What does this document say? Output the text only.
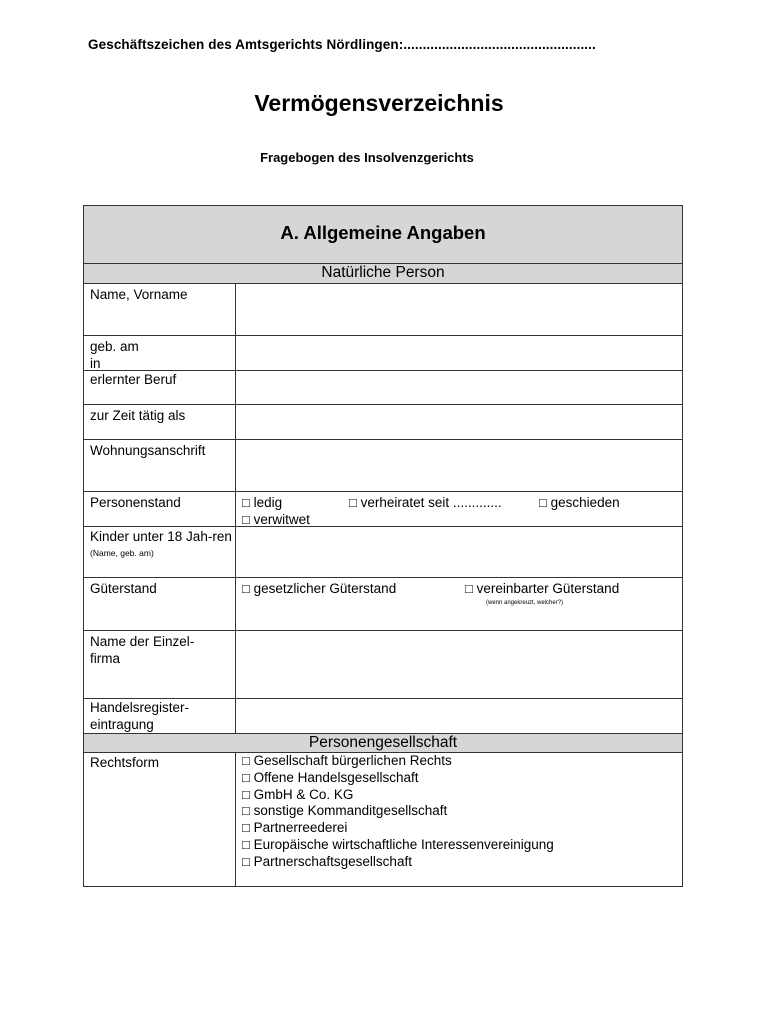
Geschäftszeichen des Amtsgerichts Nördlingen:..................................................
Vermögensverzeichnis
Fragebogen des Insolvenzgerichts
A. Allgemeine Angaben
Natürliche Person
Name, Vorname
geb. am
in
erlernter Beruf
zur Zeit tätig als
Wohnungsanschrift
Personenstand	□ ledig	□ verheiratet seit .............	□ geschieden
□ verwitwet
Kinder unter 18 Jah-ren
(Name, geb. am)
Güterstand	□ gesetzlicher Güterstand	□ vereinbarter Güterstand
(wenn angekreuzt, welcher?)
Name der Einzel-firma
Handelsregister-eintragung
Personengesellschaft
Rechtsform	□ Gesellschaft bürgerlichen Rechts
□ Offene Handelsgesellschaft
□ GmbH & Co. KG
□ sonstige Kommanditgesellschaft
□ Partnerreederei
□ Europäische wirtschaftliche Interessenvereinigung
□ Partnerschaftsgesellschaft
